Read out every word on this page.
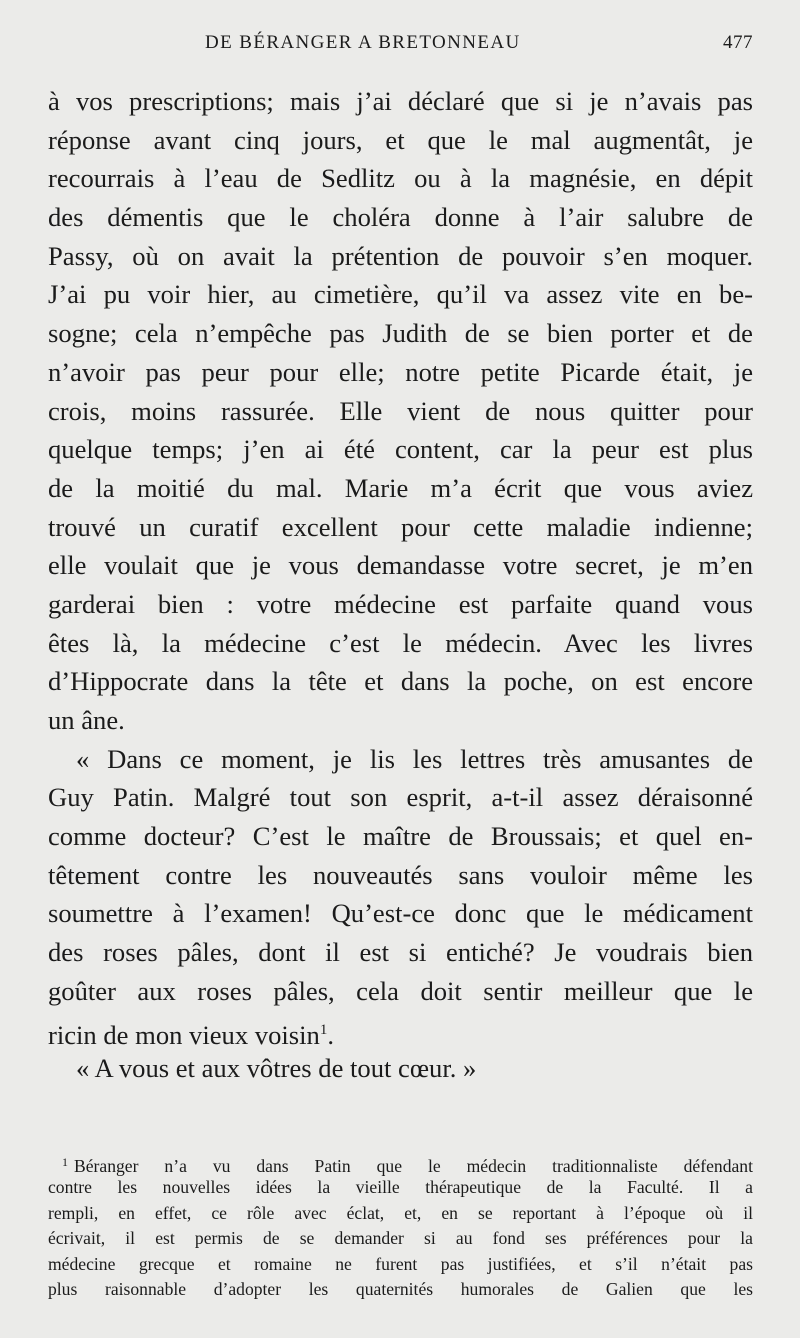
DE BÉRANGER A BRETONNEAU	477
à vos prescriptions; mais j’ai déclaré que si je n’avais pas
réponse avant cinq jours, et que le mal augmentât, je
recourrais à l’eau de Sedlitz ou à la magnésie, en dépit
des démentis que le choléra donne à l’air salubre de
Passy, où on avait la prétention de pouvoir s’en moquer.
J’ai pu voir hier, au cimetière, qu’il va assez vite en be-
sogne; cela n’empêche pas Judith de se bien porter et de
n’avoir pas peur pour elle; notre petite Picarde était, je
crois, moins rassurée. Elle vient de nous quitter pour
quelque temps; j’en ai été content, car la peur est plus
de la moitié du mal. Marie m’a écrit que vous aviez
trouvé un curatif excellent pour cette maladie indienne;
elle voulait que je vous demandasse votre secret, je m’en
garderai bien : votre médecine est parfaite quand vous
êtes là, la médecine c’est le médecin. Avec les livres
d’Hippocrate dans la tête et dans la poche, on est encore
un âne.
« Dans ce moment, je lis les lettres très amusantes de
Guy Patin. Malgré tout son esprit, a-t-il assez déraisonné
comme docteur? C’est le maître de Broussais; et quel en-
têtement contre les nouveautés sans vouloir même les
soumettre à l’examen! Qu’est-ce donc que le médicament
des roses pâles, dont il est si entiché? Je voudrais bien
goûter aux roses pâles, cela doit sentir meilleur que le
ricin de mon vieux voisin$^1$.
« A vous et aux vôtres de tout cœur. »
$^1$ Béranger n’a vu dans Patin que le médecin traditionnaliste défendant
contre les nouvelles idées la vieille thérapeutique de la Faculté. Il a
rempli, en effet, ce rôle avec éclat, et, en se reportant à l’époque où il
écrivait, il est permis de se demander si au fond ses préférences pour la
médecine grecque et romaine ne furent pas justifiées, et s’il n’était pas
plus raisonnable d’adopter les quaternités humorales de Galien que les
